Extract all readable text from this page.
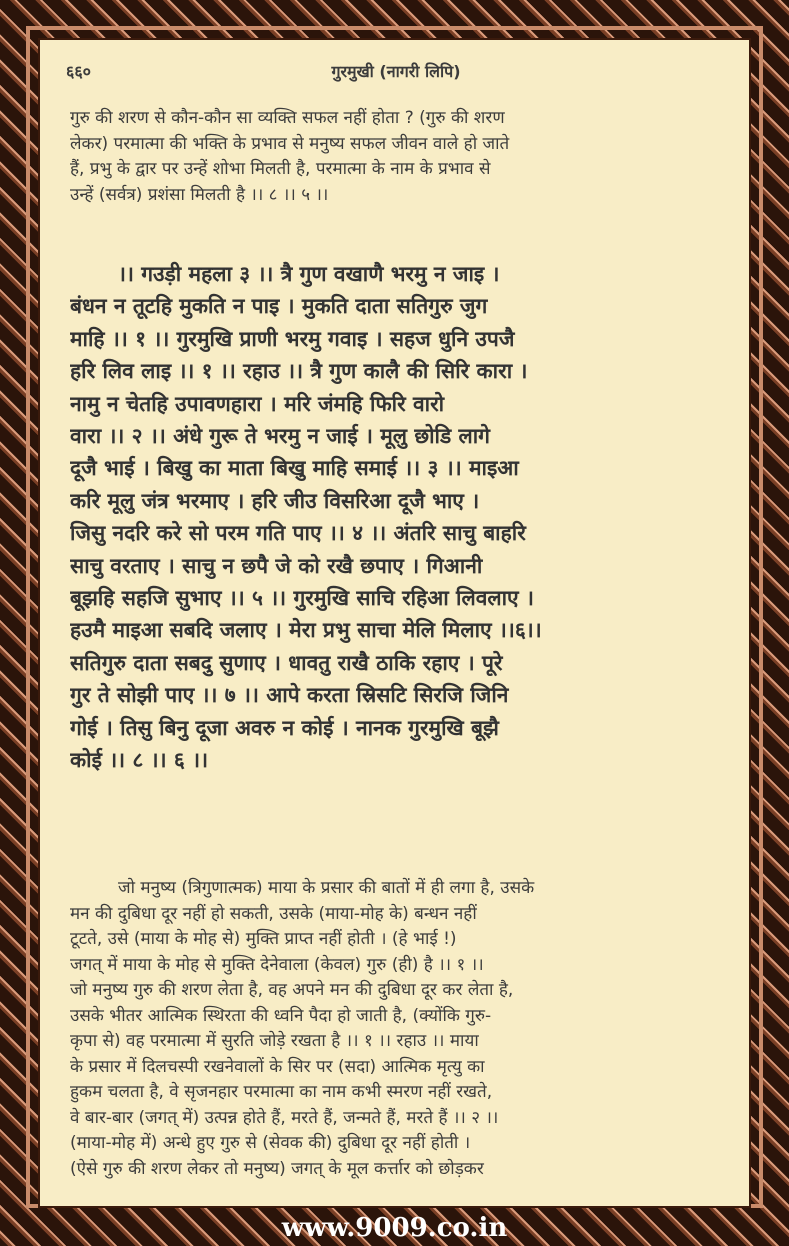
६६०	गुरमुखी (नागरी लिपि)
गुरु की शरण से कौन-कौन सा व्यक्ति सफल नहीं होता ? (गुरु की शरण
लेकर) परमात्मा की भक्ति के प्रभाव से मनुष्य सफल जीवन वाले हो जाते
हैं, प्रभु के द्वार पर उन्हें शोभा मिलती है, परमात्मा के नाम के प्रभाव से
उन्हें (सर्वत्र) प्रशंसा मिलती है ।। ८ ।। ५ ।।
।। गउड़ी महला ३ ।। त्रै गुण वखाणै भरमु न जाइ ।
बंधन न तूटहि मुकति न पाइ । मुकति दाता सतिगुरु जुग
माहि ।। १ ।। गुरमुखि प्राणी भरमु गवाइ । सहज धुनि उपजै
हरि लिव लाइ ।। १ ।। रहाउ ।। त्रै गुण कालै की सिरि कारा ।
नामु न चेतहि उपावणहारा । मरि जंमहि फिरि वारो
वारा ।। २ ।। अंधे गुरू ते भरमु न जाई । मूलु छोडि लागे
दूजै भाई । बिखु का माता बिखु माहि समाई ।। ३ ।। माइआ
करि मूलु जंत्र भरमाए । हरि जीउ विसरिआ दूजै भाए ।
जिसु नदरि करे सो परम गति पाए ।। ४ ।। अंतरि साचु बाहरि
साचु वरताए । साचु न छपै जे को रखै छपाए । गिआनी
बूझहि सहजि सुभाए ।। ५ ।। गुरमुखि साचि रहिआ लिवलाए ।
हउमै माइआ सबदि जलाए । मेरा प्रभु साचा मेलि मिलाए ।।६।।
सतिगुरु दाता सबदु सुणाए । धावतु राखै ठाकि रहाए । पूरे
गुर ते सोझी पाए ।। ७ ।। आपे करता स्रिसटि सिरजि जिनि
गोई । तिसु बिनु दूजा अवरु न कोई । नानक गुरमुखि बूझै
कोई ।। ८ ।। ६ ।।
जो मनुष्य (त्रिगुणात्मक) माया के प्रसार की बातों में ही लगा है, उसके
मन की दुबिधा दूर नहीं हो सकती, उसके (माया-मोह के) बन्धन नहीं
टूटते, उसे (माया के मोह से) मुक्ति प्राप्त नहीं होती । (हे भाई !)
जगत् में माया के मोह से मुक्ति देनेवाला (केवल) गुरु (ही) है ।। १ ।।
जो मनुष्य गुरु की शरण लेता है, वह अपने मन की दुबिधा दूर कर लेता है,
उसके भीतर आत्मिक स्थिरता की ध्वनि पैदा हो जाती है, (क्योंकि गुरु-
कृपा से) वह परमात्मा में सुरति जोड़े रखता है ।। १ ।। रहाउ ।। माया
के प्रसार में दिलचस्पी रखनेवालों के सिर पर (सदा) आत्मिक मृत्यु का
हुकम चलता है, वे सृजनहार परमात्मा का नाम कभी स्मरण नहीं रखते,
वे बार-बार (जगत् में) उत्पन्न होते हैं, मरते हैं, जन्मते हैं, मरते हैं ।। २ ।।
(माया-मोह में) अन्धे हुए गुरु से (सेवक की) दुबिधा दूर नहीं होती ।
(ऐसे गुरु की शरण लेकर तो मनुष्य) जगत् के मूल कर्त्तार को छोड़कर
www.9009.co.in
